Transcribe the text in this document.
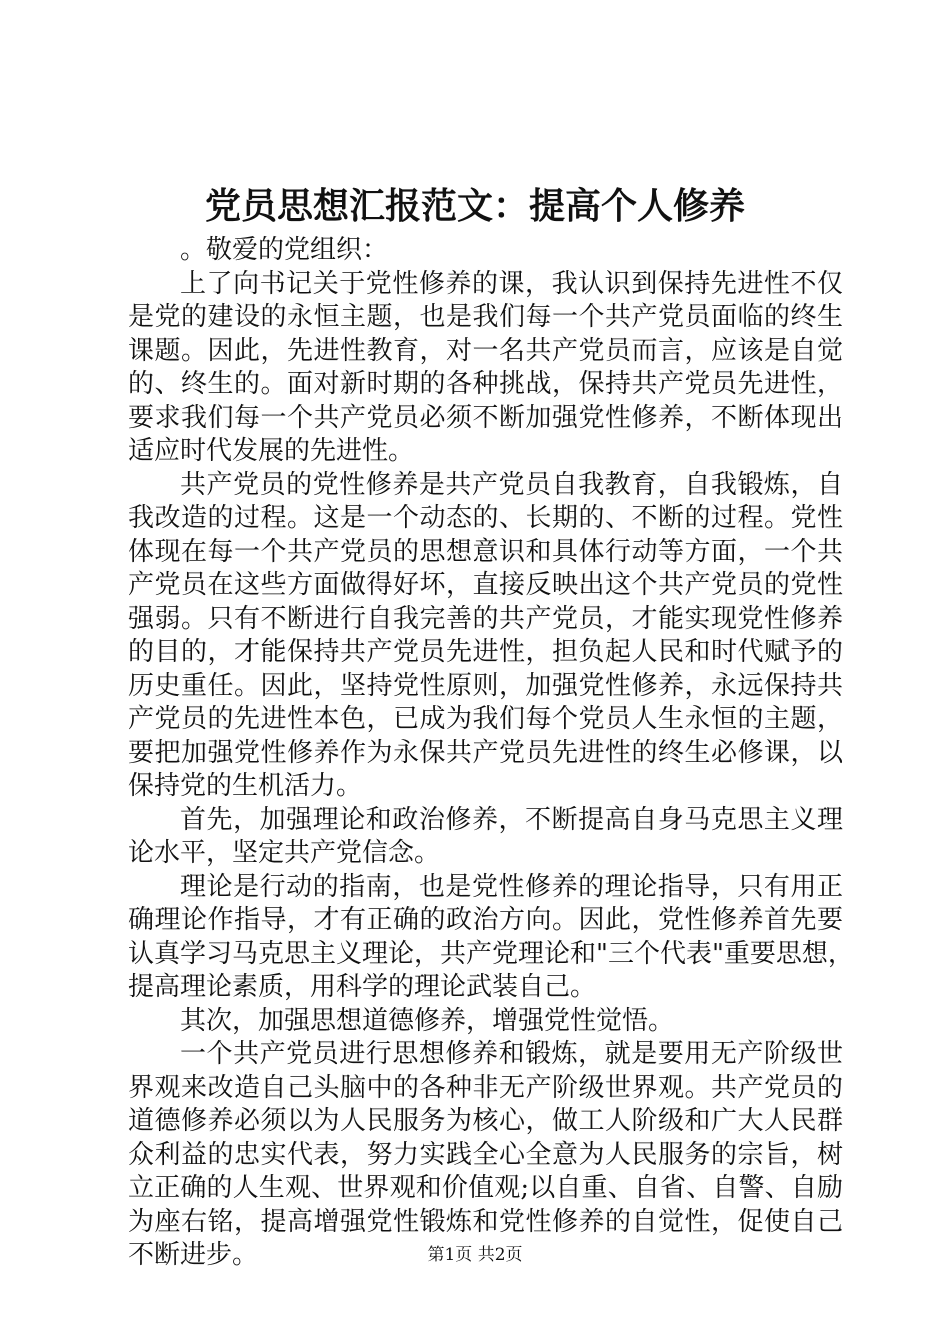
党员思想汇报范文：提高个人修养
。敬爱的党组织：
上了向书记关于党性修养的课，我认识到保持先进性不仅
是党的建设的永恒主题，也是我们每一个共产党员面临的终生
课题。因此，先进性教育，对一名共产党员而言，应该是自觉
的、终生的。面对新时期的各种挑战，保持共产党员先进性，
要求我们每一个共产党员必须不断加强党性修养，不断体现出
适应时代发展的先进性。
共产党员的党性修养是共产党员自我教育，自我锻炼，自
我改造的过程。这是一个动态的、长期的、不断的过程。党性
体现在每一个共产党员的思想意识和具体行动等方面，一个共
产党员在这些方面做得好坏，直接反映出这个共产党员的党性
强弱。只有不断进行自我完善的共产党员，才能实现党性修养
的目的，才能保持共产党员先进性，担负起人民和时代赋予的
历史重任。因此，坚持党性原则，加强党性修养，永远保持共
产党员的先进性本色，已成为我们每个党员人生永恒的主题，
要把加强党性修养作为永保共产党员先进性的终生必修课，以
保持党的生机活力。
首先，加强理论和政治修养，不断提高自身马克思主义理
论水平，坚定共产党信念。
理论是行动的指南，也是党性修养的理论指导，只有用正
确理论作指导，才有正确的政治方向。因此，党性修养首先要
认真学习马克思主义理论，共产党理论和"三个代表"重要思想，
提高理论素质，用科学的理论武装自己。
其次，加强思想道德修养，增强党性觉悟。
一个共产党员进行思想修养和锻炼，就是要用无产阶级世
界观来改造自己头脑中的各种非无产阶级世界观。共产党员的
道德修养必须以为人民服务为核心，做工人阶级和广大人民群
众利益的忠实代表，努力实践全心全意为人民服务的宗旨，树
立正确的人生观、世界观和价值观;以自重、自省、自警、自励
为座右铭，提高增强党性锻炼和党性修养的自觉性，促使自己
不断进步。	第1页 共2页
